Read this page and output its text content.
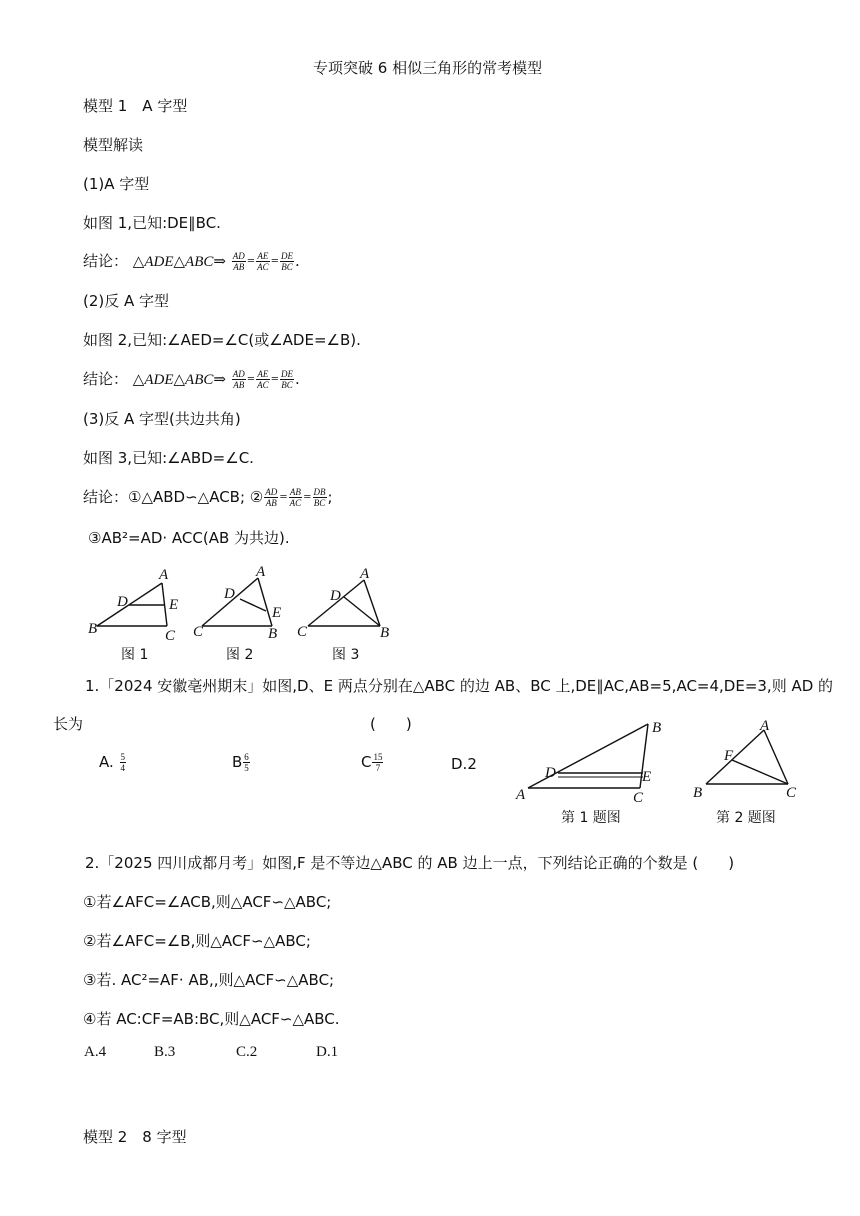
专项突破 6 相似三角形的常考模型
模型 1　A 字型
模型解读
(1)A 字型
如图 1,已知:DE∥BC.
结论： △ADE△ABC⇒ $\frac{AD}{AB} = \frac{AE}{AC} = \frac{DE}{BC}$ .
(2)反 A 字型
如图 2,已知:∠AED=∠C(或∠ADE=∠B).
结论： △ADE△ABC⇒ $\frac{AD}{AB} = \frac{AE}{AC} = \frac{DE}{BC}$ .
(3)反 A 字型(共边共角)
如图 3,已知:∠ABD=∠C.
结论：①△ABD∽△ACB; ② $\frac{AD}{AB} = \frac{AB}{AC} = \frac{DB}{BC}$ ;
③AB²=AD· ACC(AB 为共边).
A
D	E
B	C
图 1
A
D
E
C	B
图 2
A
D
C	B
图 3
1.「2024 安徽亳州期末」如图,D、E 两点分别在△ABC 的边 AB、BC 上,DE∥AC,AB=5,AC=4,DE=3,则 AD 的
长为	(　　)
A. $\frac{5}{4}$	B $\frac{6}{5}$	C $\frac{15}{7}$	D.2
B
D	E
A	C
第 1 题图
A
F
B	C
第 2 题图
2.「2025 四川成都月考」如图,F 是不等边△ABC 的 AB 边上一点，下列结论正确的个数是 (　　)
①若∠AFC=∠ACB,则△ACF∽△ABC;
②若∠AFC=∠B,则△ACF∽△ABC;
③若. AC²=AF· AB,,则△ACF∽△ABC;
④若 AC:CF=AB:BC,则△ACF∽△ABC.
A.4	B.3	C.2	D.1
模型 2　8 字型
